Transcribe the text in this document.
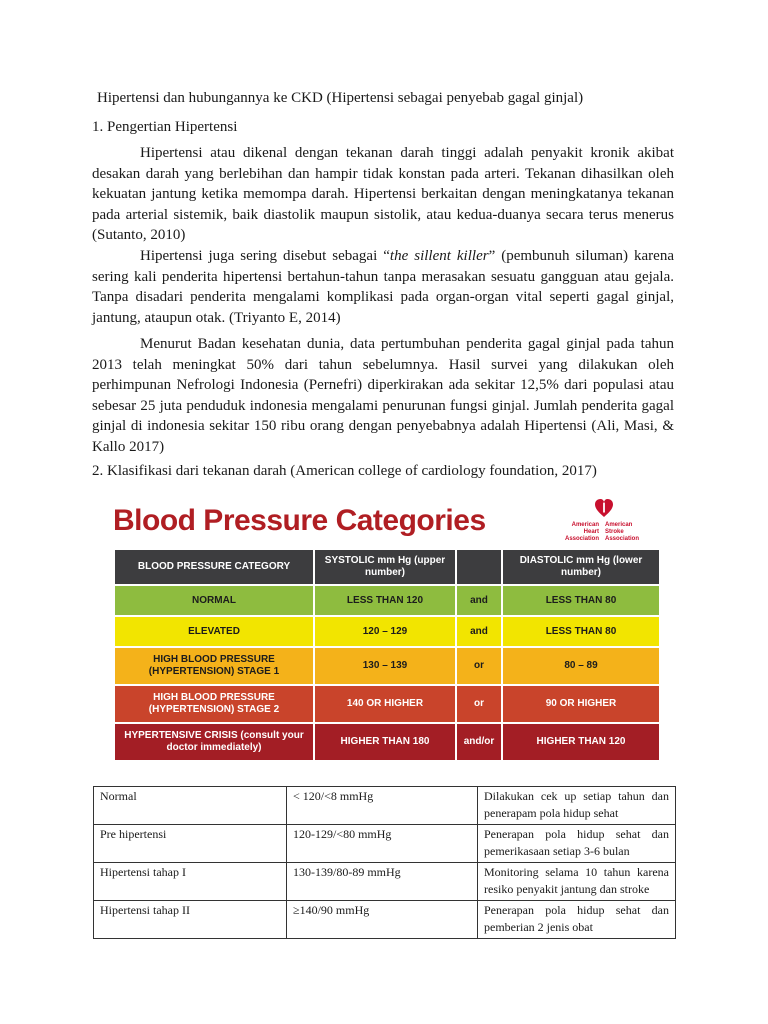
Hipertensi dan hubungannya ke CKD (Hipertensi sebagai penyebab gagal ginjal)
1. Pengertian Hipertensi
Hipertensi atau dikenal dengan tekanan darah tinggi adalah penyakit kronik akibat desakan darah yang berlebihan dan hampir tidak konstan pada arteri. Tekanan dihasilkan oleh kekuatan jantung ketika memompa darah. Hipertensi berkaitan dengan meningkatanya tekanan pada arterial sistemik, baik diastolik maupun sistolik, atau kedua-duanya secara terus menerus (Sutanto, 2010)
Hipertensi juga sering disebut sebagai “the sillent killer” (pembunuh siluman) karena sering kali penderita hipertensi bertahun-tahun tanpa merasakan sesuatu gangguan atau gejala. Tanpa disadari penderita mengalami komplikasi pada organ-organ vital seperti gagal ginjal, jantung, ataupun otak. (Triyanto E, 2014)
Menurut Badan kesehatan dunia, data pertumbuhan penderita gagal ginjal pada tahun 2013 telah meningkat 50% dari tahun sebelumnya. Hasil survei yang dilakukan oleh perhimpunan Nefrologi Indonesia (Pernefri) diperkirakan ada sekitar 12,5% dari populasi atau sebesar 25 juta penduduk indonesia mengalami penurunan fungsi ginjal. Jumlah penderita gagal ginjal di indonesia sekitar 150 ribu orang dengan penyebabnya adalah Hipertensi (Ali, Masi, & Kallo 2017)
2. Klasifikasi dari tekanan darah (American college of cardiology foundation, 2017)
Blood Pressure Categories	American Heart Association
American Stroke Association
BLOOD PRESSURE CATEGORY	SYSTOLIC mm Hg (upper number)		DIASTOLIC mm Hg (lower number)
NORMAL	LESS THAN 120	and	LESS THAN 80
ELEVATED	120 – 129	and	LESS THAN 80
HIGH BLOOD PRESSURE (HYPERTENSION) STAGE 1	130 – 139	or	80 – 89
HIGH BLOOD PRESSURE (HYPERTENSION) STAGE 2	140 OR HIGHER	or	90 OR HIGHER
HYPERTENSIVE CRISIS (consult your doctor immediately)	HIGHER THAN 180	and/or	HIGHER THAN 120
Normal	< 120/<8 mmHg	Dilakukan cek up setiap tahun dan penerapam pola hidup sehat
Pre hipertensi	120-129/<80 mmHg	Penerapan pola hidup sehat dan pemerikasaan setiap 3-6 bulan
Hipertensi tahap I	130-139/80-89 mmHg	Monitoring selama 10 tahun karena resiko penyakit jantung dan stroke
Hipertensi tahap II	≥140/90 mmHg	Penerapan pola hidup sehat dan pemberian 2 jenis obat
